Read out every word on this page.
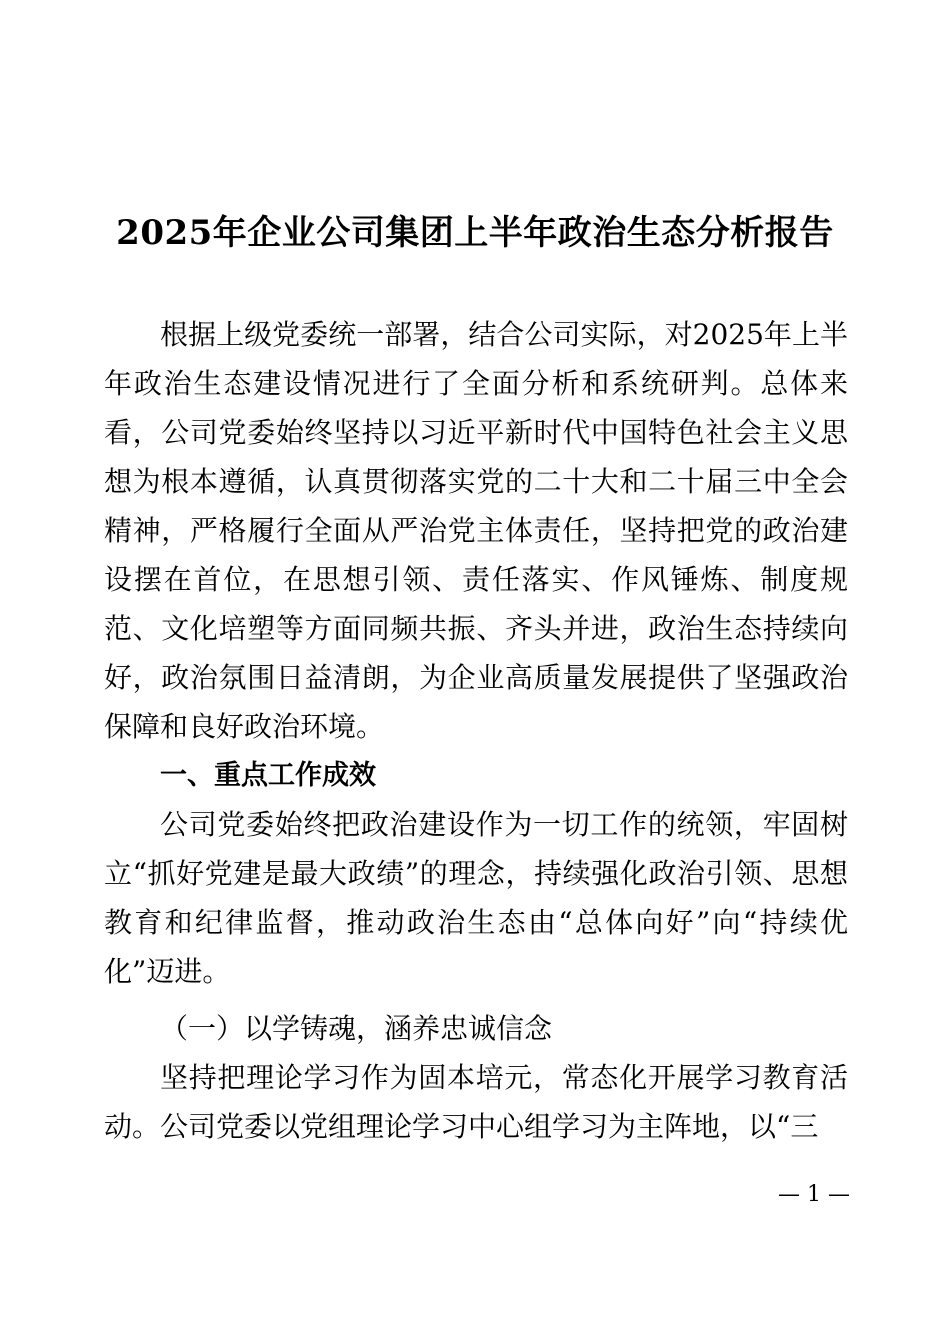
2025年企业公司集团上半年政治生态分析报告

根据上级党委统一部署，结合公司实际，对2025年上半年政治生态建设情况进行了全面分析和系统研判。总体来看，公司党委始终坚持以习近平新时代中国特色社会主义思想为根本遵循，认真贯彻落实党的二十大和二十届三中全会精神，严格履行全面从严治党主体责任，坚持把党的政治建设摆在首位，在思想引领、责任落实、作风锤炼、制度规范、文化培塑等方面同频共振、齐头并进，政治生态持续向好，政治氛围日益清朗，为企业高质量发展提供了坚强政治保障和良好政治环境。

一、重点工作成效

公司党委始终把政治建设作为一切工作的统领，牢固树立“抓好党建是最大政绩”的理念，持续强化政治引领、思想教育和纪律监督，推动政治生态由“总体向好”向“持续优化”迈进。

（一）以学铸魂，涵养忠诚信念

坚持把理论学习作为固本培元，常态化开展学习教育活动。公司党委以党组理论学习中心组学习为主阵地，以“三

— 1 —
